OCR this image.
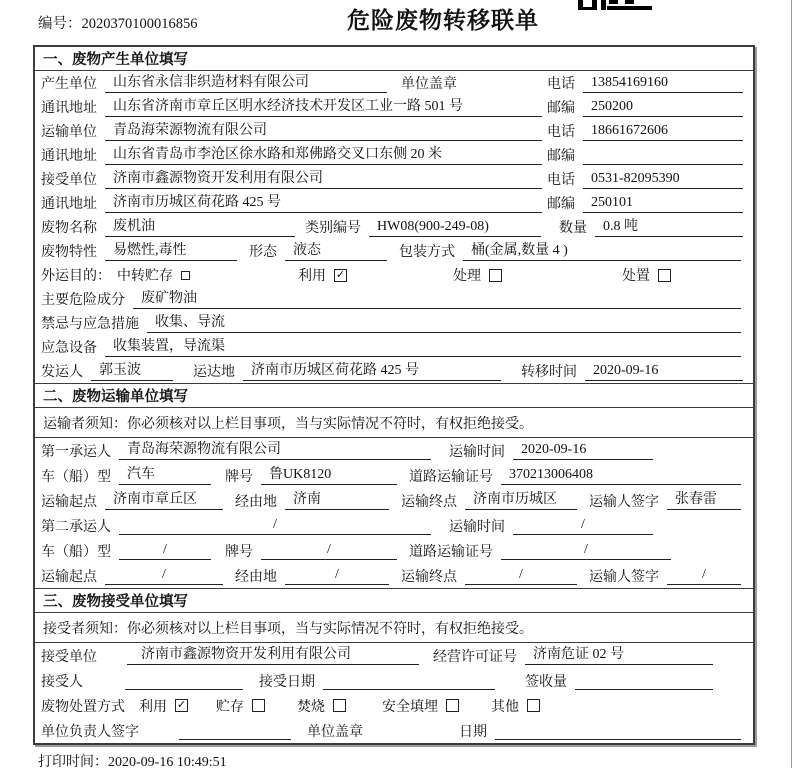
编号：2020370100016856	危险废物转移联单
一、废物产生单位填写
产生单位	山东省永信非织造材料有限公司	单位盖章	电话	13854169160
通讯地址	山东省济南市章丘区明水经济技术开发区工业一路 501 号	邮编	250200
运输单位	青岛海荣源物流有限公司	电话	18661672606
通讯地址	山东省青岛市李沧区徐水路和郑佛路交叉口东侧 20 米	邮编
接受单位	济南市鑫源物资开发利用有限公司	电话	0531-82095390
通讯地址	济南市历城区荷花路 425 号	邮编	250101
废物名称	废机油	类别编号	HW08(900-249-08)	数量	0.8 吨
废物特性	易燃性,毒性	形态	液态	包装方式	桶(金属,数量 4 )
外运目的： 中转贮存	利用 ✓	处理	处置
主要危险成分	废矿物油
禁忌与应急措施	收集、导流
应急设备	收集装置，导流渠
发运人	郭玉波	运达地	济南市历城区荷花路 425 号	转移时间	2020-09-16
二、废物运输单位填写
运输者须知：你必须核对以上栏目事项，当与实际情况不符时，有权拒绝接受。
第一承运人	青岛海荣源物流有限公司	运输时间	2020-09-16
车（船）型	汽车	牌号	鲁UK8120	道路运输证号	370213006408
运输起点	济南市章丘区	经由地	济南	运输终点	济南市历城区	运输人签字	张春雷
第二承运人	/	运输时间	/
车（船）型	/	牌号	/	道路运输证号	/
运输起点	/	经由地	/	运输终点	/	运输人签字	/
三、废物接受单位填写
接受者须知：你必须核对以上栏目事项，当与实际情况不符时，有权拒绝接受。
接受单位	济南市鑫源物资开发利用有限公司	经营许可证号	济南危证 02 号
接受人	接受日期	签收量
废物处置方式 利用 ✓ 贮存	焚烧	安全填埋	其他
单位负责人签字	单位盖章	日期
打印时间：2020-09-16 10:49:51
